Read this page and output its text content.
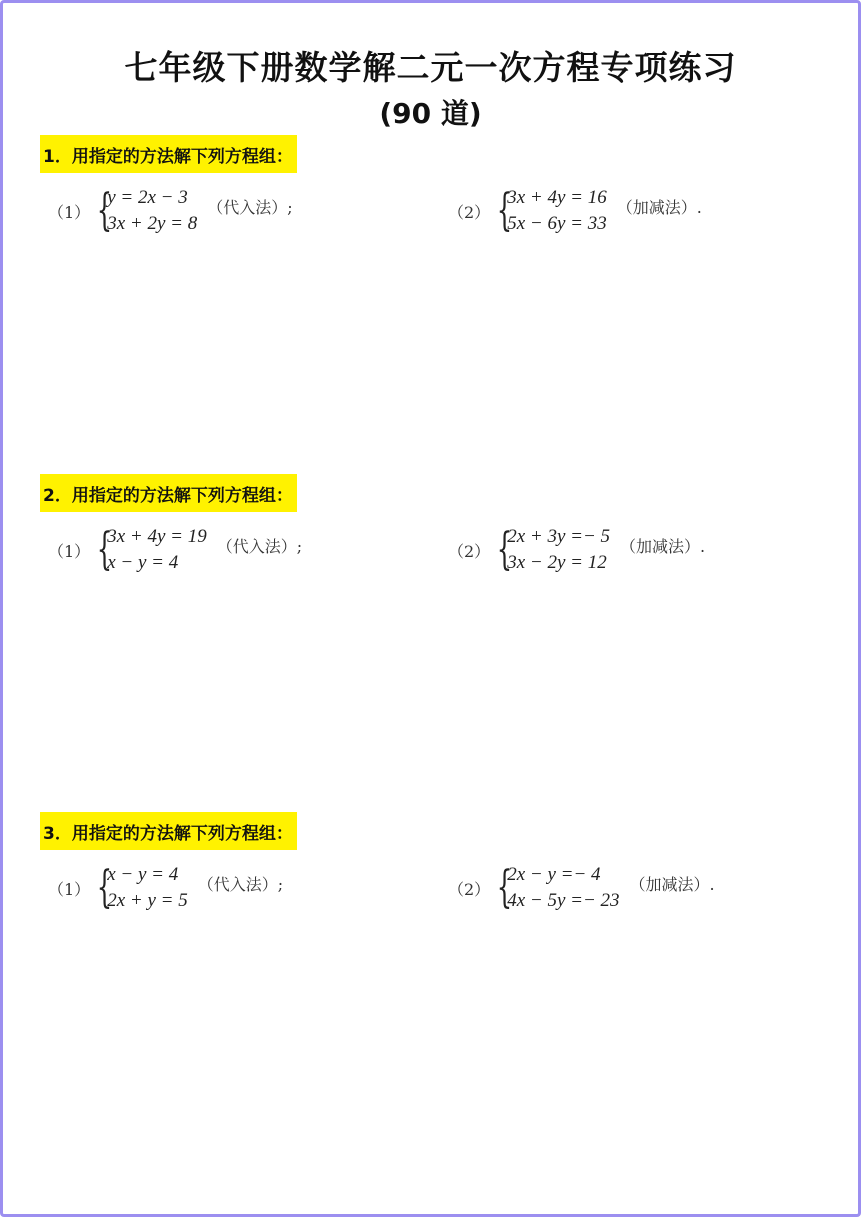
七年级下册数学解二元一次方程专项练习
(90 道)
1．用指定的方法解下列方程组：
（1） {
y = 2x − 3
3x + 2y = 8
（代入法）;	（2） {
3x + 4y = 16
5x − 6y = 33
（加减法）.
2．用指定的方法解下列方程组：
（1） {
3x + 4y = 19
x − y = 4
（代入法）;	（2） {
2x + 3y =− 5
3x − 2y = 12
（加减法）.
3．用指定的方法解下列方程组：
（1） {
x − y = 4
2x + y = 5
（代入法）;	（2） {
2x − y =− 4
4x − 5y =− 23
（加减法）.
